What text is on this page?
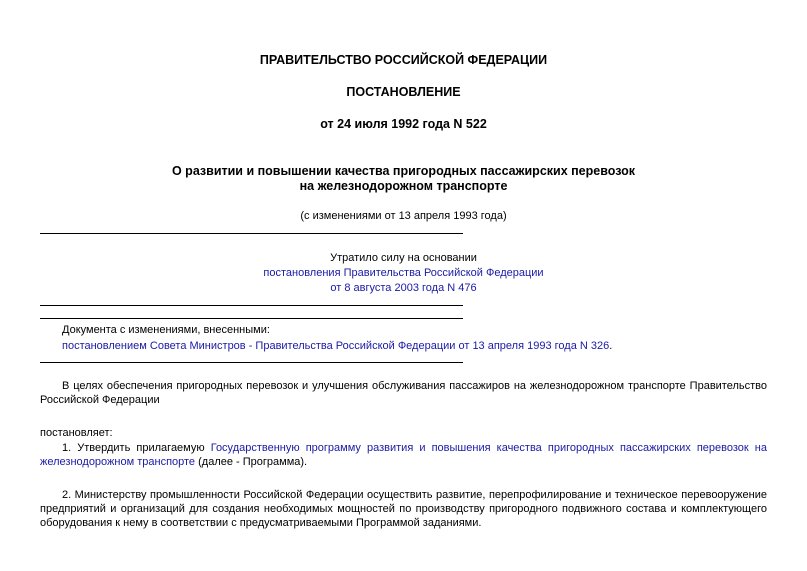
ПРАВИТЕЛЬСТВО РОССИЙСКОЙ ФЕДЕРАЦИИ
ПОСТАНОВЛЕНИЕ
от 24 июля 1992 года N 522
О развитии и повышении качества пригородных пассажирских перевозок
на железнодорожном транспорте
(с изменениями от 13 апреля 1993 года)
Утратило силу на основании
постановления Правительства Российской Федерации
от 8 августа 2003 года N 476
Документа с изменениями, внесенными:
постановлением Совета Министров - Правительства Российской Федерации от 13 апреля 1993 года N 326.
В целях обеспечения пригородных перевозок и улучшения обслуживания пассажиров на железнодорожном транспорте Правительство Российской Федерации
постановляет:
1. Утвердить прилагаемую Государственную программу развития и повышения качества пригородных пассажирских перевозок на железнодорожном транспорте (далее - Программа).
2. Министерству промышленности Российской Федерации осуществить развитие, перепрофилирование и техническое перевооружение предприятий и организаций для создания необходимых мощностей по производству пригородного подвижного состава и комплектующего оборудования к нему в соответствии с предусматриваемыми Программой заданиями.
